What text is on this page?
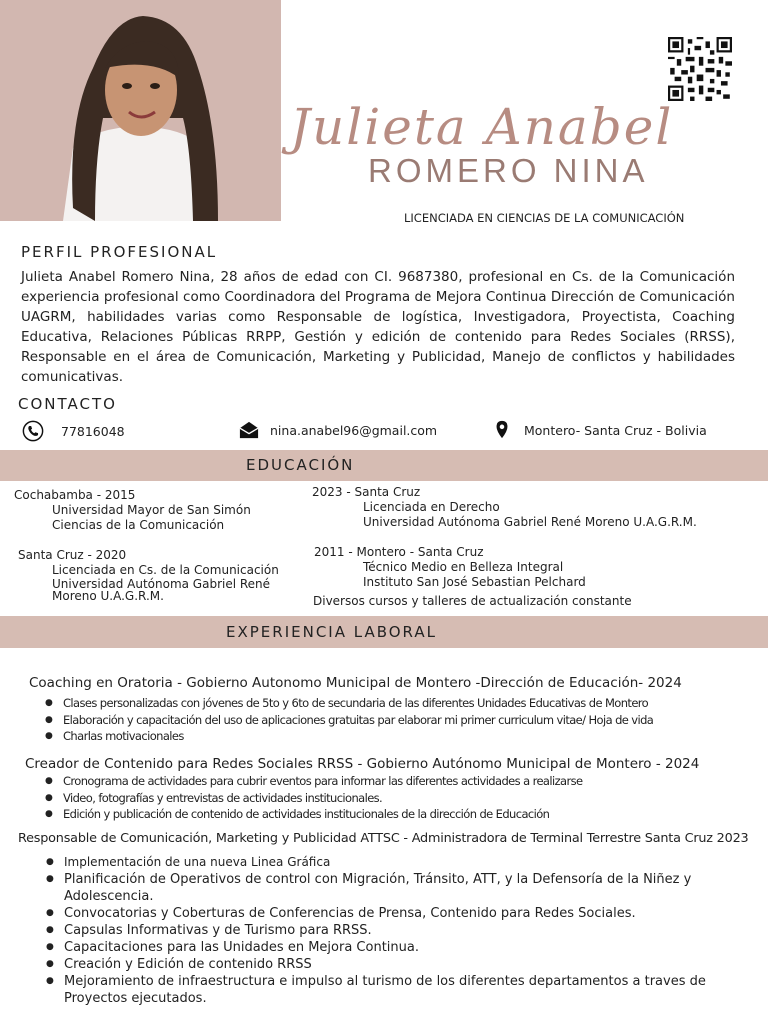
Julieta Anabel
ROMERO NINA
LICENCIADA EN CIENCIAS DE LA COMUNICACIÓN
PERFIL PROFESIONAL

Julieta Anabel Romero Nina, 28 años de edad con CI. 9687380, profesional en Cs. de la Comunicación experiencia profesional como Coordinadora del Programa de Mejora Continua Dirección de Comunicación UAGRM, habilidades varias como Responsable de logística, Investigadora, Proyectista, Coaching Educativa, Relaciones Públicas RRPP, Gestión y edición de contenido para Redes Sociales (RRSS), Responsable en el área de Comunicación, Marketing y Publicidad, Manejo de conflictos y habilidades comunicativas.

CONTACTO
77816048	nina.anabel96@gmail.com	Montero- Santa Cruz - Bolivia
EDUCACIÓN
Cochabamba - 2015
Universidad Mayor de San Simón
Ciencias de la Comunicación
Santa Cruz - 2020
Licenciada en Cs. de la Comunicación
Universidad Autónoma Gabriel René
Moreno U.A.G.R.M.
2023 - Santa Cruz
Licenciada en Derecho
Universidad Autónoma Gabriel René Moreno U.A.G.R.M.
2011 - Montero - Santa Cruz
Técnico Medio en Belleza Integral
Instituto San José Sebastian Pelchard
Diversos cursos y talleres de actualización constante
EXPERIENCIA LABORAL
Coaching en Oratoria - Gobierno Autonomo Municipal de Montero -Dirección de Educación- 2024
● Clases personalizadas con jóvenes de 5to y 6to de secundaria de las diferentes Unidades Educativas de Montero
● Elaboración y capacitación del uso de aplicaciones gratuitas par elaborar mi primer curriculum vitae/ Hoja de vida
● Charlas motivacionales
Creador de Contenido para Redes Sociales RRSS - Gobierno Autónomo Municipal de Montero - 2024
● Cronograma de actividades para cubrir eventos para informar las diferentes actividades a realizarse
● Video, fotografías y entrevistas de actividades institucionales.
● Edición y publicación de contenido de actividades institucionales de la dirección de Educación
Responsable de Comunicación, Marketing y Publicidad ATTSC - Administradora de Terminal Terrestre Santa Cruz 2023
● Implementación de una nueva Linea Gráfica
● Planificación de Operativos de control con Migración, Tránsito, ATT, y la Defensoría de la Niñez y Adolescencia.
● Convocatorias y Coberturas de Conferencias de Prensa, Contenido para Redes Sociales.
● Capsulas Informativas y de Turismo para RRSS.
● Capacitaciones para las Unidades en Mejora Continua.
● Creación y Edición de contenido RRSS
● Mejoramiento de infraestructura e impulso al turismo de los diferentes departamentos a traves de Proyectos ejecutados.
